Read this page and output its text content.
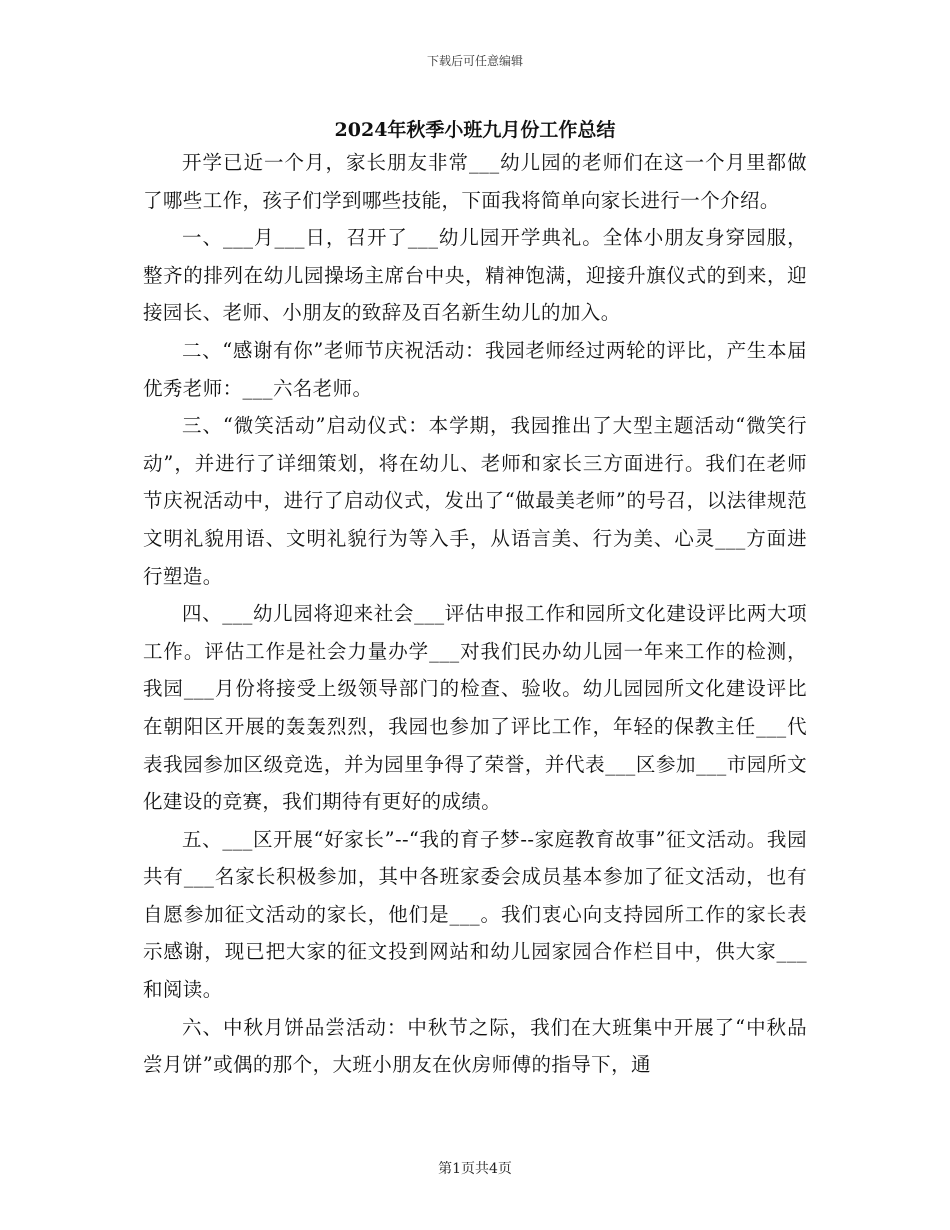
下载后可任意编辑
2024年秋季小班九月份工作总结

开学已近一个月，家长朋友非常___幼儿园的老师们在这一个月里都做了哪些工作，孩子们学到哪些技能，下面我将简单向家长进行一个介绍。

一、___月___日，召开了___幼儿园开学典礼。全体小朋友身穿园服，整齐的排列在幼儿园操场主席台中央，精神饱满，迎接升旗仪式的到来，迎接园长、老师、小朋友的致辞及百名新生幼儿的加入。

二、“感谢有你”老师节庆祝活动：我园老师经过两轮的评比，产生本届优秀老师：___六名老师。

三、“微笑活动”启动仪式：本学期，我园推出了大型主题活动“微笑行动”，并进行了详细策划，将在幼儿、老师和家长三方面进行。我们在老师节庆祝活动中，进行了启动仪式，发出了“做最美老师”的号召，以法律规范文明礼貌用语、文明礼貌行为等入手，从语言美、行为美、心灵___方面进行塑造。

四、___幼儿园将迎来社会___评估申报工作和园所文化建设评比两大项工作。评估工作是社会力量办学___对我们民办幼儿园一年来工作的检测，我园___月份将接受上级领导部门的检查、验收。幼儿园园所文化建设评比在朝阳区开展的轰轰烈烈，我园也参加了评比工作，年轻的保教主任___代表我园参加区级竞选，并为园里争得了荣誉，并代表___区参加___市园所文化建设的竞赛，我们期待有更好的成绩。

五、___区开展“好家长”--“我的育子梦--家庭教育故事”征文活动。我园共有___名家长积极参加，其中各班家委会成员基本参加了征文活动，也有自愿参加征文活动的家长，他们是___。我们衷心向支持园所工作的家长表示感谢，现已把大家的征文投到网站和幼儿园家园合作栏目中，供大家___和阅读。

六、中秋月饼品尝活动：中秋节之际，我们在大班集中开展了“中秋品尝月饼”或偶的那个，大班小朋友在伙房师傅的指导下，通

第1页共4页
